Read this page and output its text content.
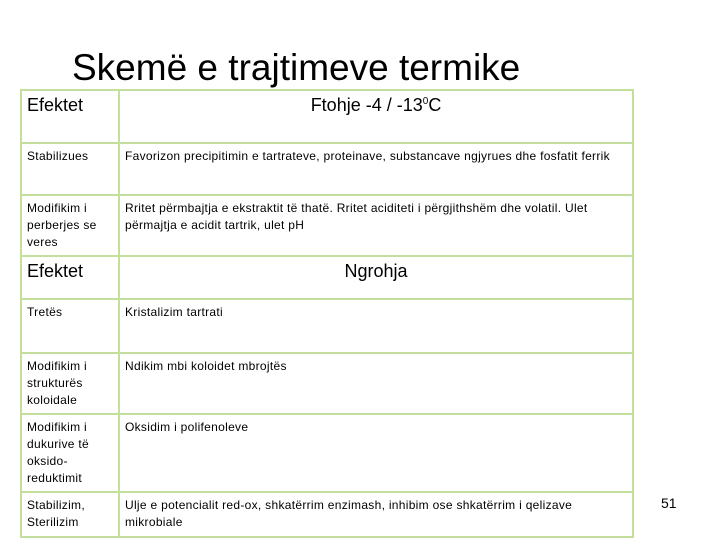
Skemë e trajtimeve termike
Efektet	Ftohje $-4 / -13^0C$
Stabilizues	Favorizon precipitimin e tartrateve, proteinave, substancave ngjyrues dhe fosfatit ferrik
Modifikim i perberjes se veres	Rritet përmbajtja e ekstraktit të thatë. Rritet aciditeti i përgjithshëm dhe volatil. Ulet përmajtja e acidit tartrik, ulet pH
Efektet	Ngrohja
Tretës	Kristalizim tartrati
Modifikim i strukturës koloidale	Ndikim mbi koloidet mbrojtës
Modifikim i dukurive të oksido-reduktimit	Oksidim i polifenoleve
Stabilizim, Sterilizim	Ulje e potencialit red-ox, shkatërrim enzimash, inhibim ose shkatërrim i qelizave mikrobiale
51
